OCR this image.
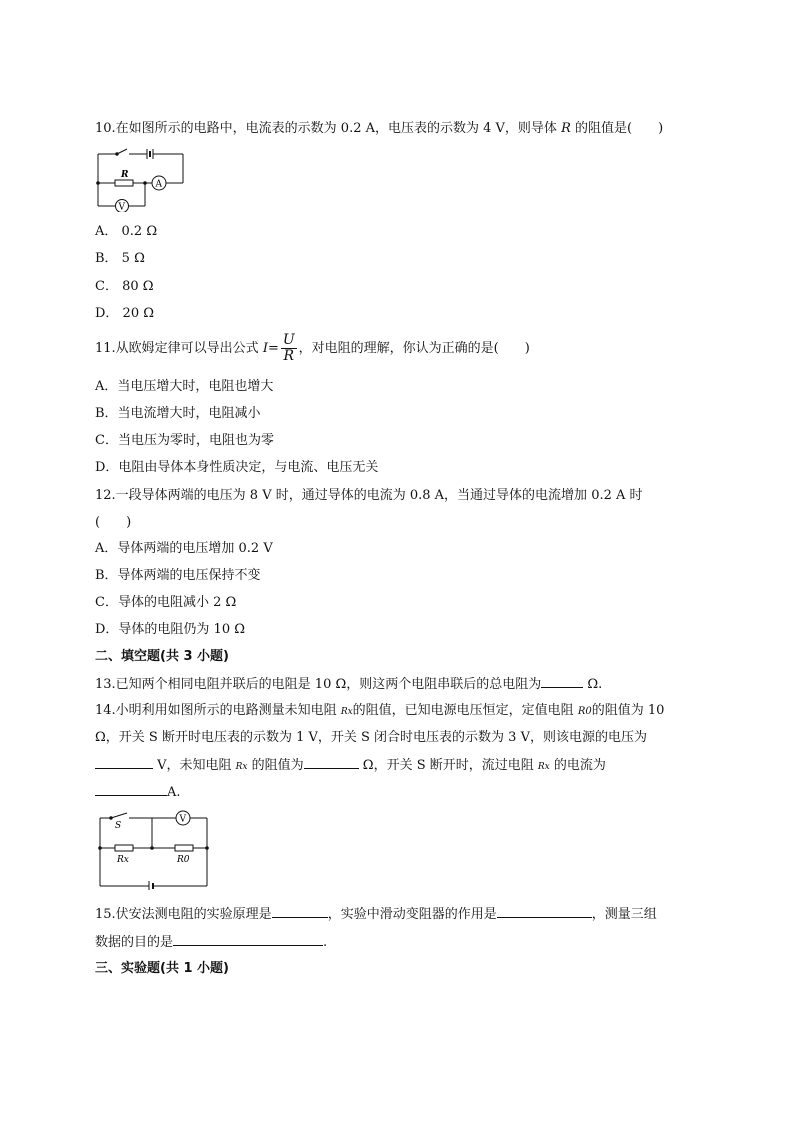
10.在如图所示的电路中，电流表的示数为 0.2 A，电压表的示数为 4 V，则导体 R 的阻值是(　　)
R
A
V
A． 0.2 Ω
B． 5 Ω
C． 80 Ω
D． 20 Ω
11.从欧姆定律可以导出公式 $I= \frac{U}{R}$ ，对电阻的理解，你认为正确的是(　　)
A．当电压增大时，电阻也增大
B．当电流增大时，电阻减小
C．当电压为零时，电阻也为零
D．电阻由导体本身性质决定，与电流、电压无关
12.一段导体两端的电压为 8 V 时，通过导体的电流为 0.8 A，当通过导体的电流增加 0.2 A 时
(　　)
A．导体两端的电压增加 0.2 V
B．导体两端的电压保持不变
C．导体的电阻减小 2 Ω
D．导体的电阻仍为 10 Ω
二、填空题(共 3 小题)
13.已知两个相同电阻并联后的电阻是 10 Ω，则这两个电阻串联后的总电阻为	Ω.
14.小明利用如图所示的电路测量未知电阻 Rx的阻值，已知电源电压恒定，定值电阻 R0的阻值为 10
Ω，开关 S 断开时电压表的示数为 1 V，开关 S 闭合时电压表的示数为 3 V，则该电源的电压为
V，未知电阻 Rx 的阻值为	Ω，开关 S 断开时，流过电阻 Rx 的电流为
A.
S
V
Rx	R0
15.伏安法测电阻的实验原理是	，实验中滑动变阻器的作用是	，测量三组
数据的目的是	.
三、实验题(共 1 小题)
